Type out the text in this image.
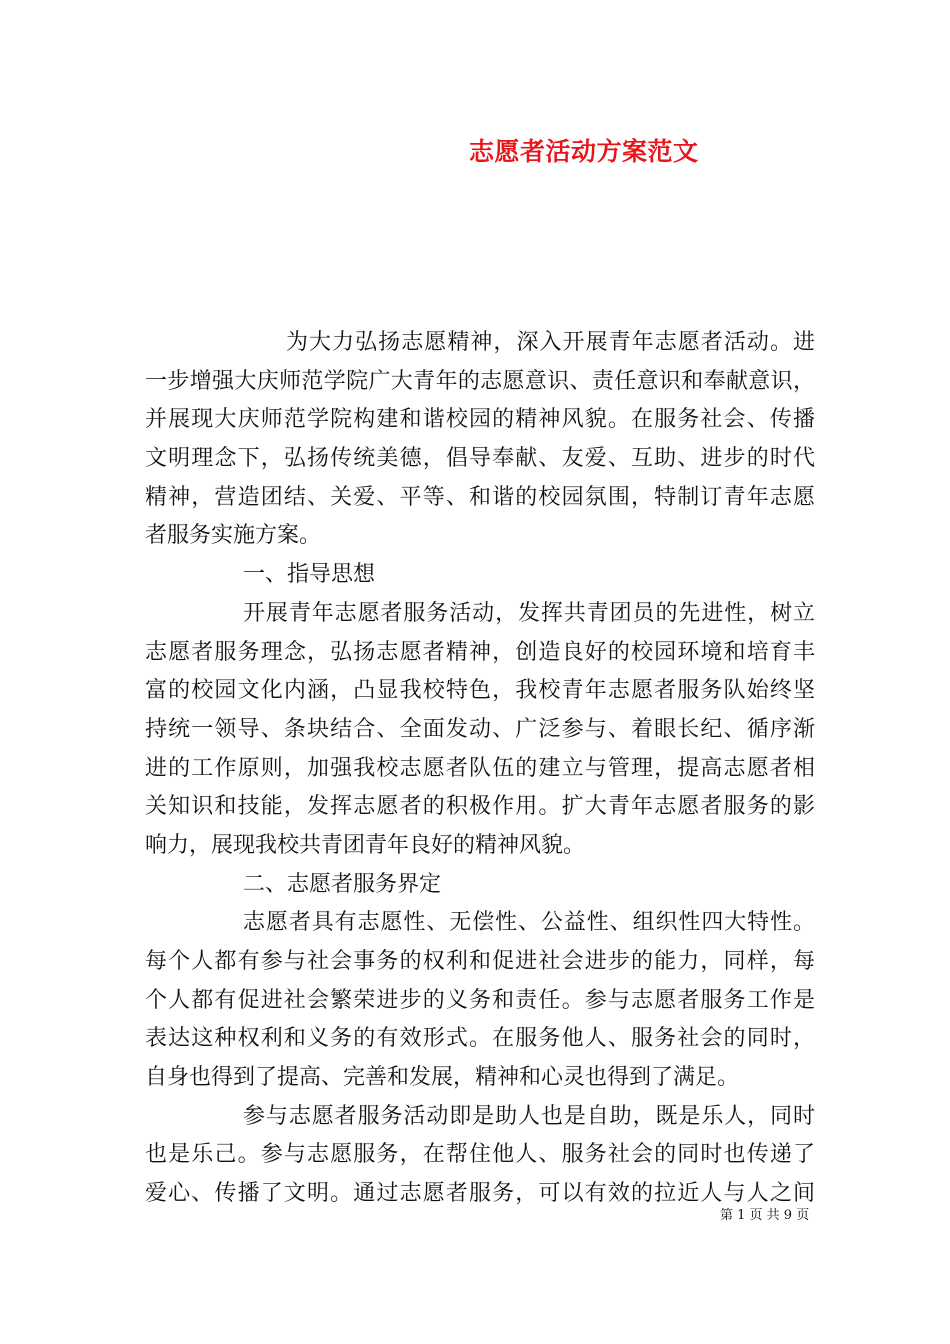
志愿者活动方案范文
为大力弘扬志愿精神，深入开展青年志愿者活动。进
一步增强大庆师范学院广大青年的志愿意识、责任意识和奉献意识，
并展现大庆师范学院构建和谐校园的精神风貌。在服务社会、传播
文明理念下，弘扬传统美德，倡导奉献、友爱、互助、进步的时代
精神，营造团结、关爱、平等、和谐的校园氛围，特制订青年志愿
者服务实施方案。
一、指导思想
开展青年志愿者服务活动，发挥共青团员的先进性，树立
志愿者服务理念，弘扬志愿者精神，创造良好的校园环境和培育丰
富的校园文化内涵，凸显我校特色，我校青年志愿者服务队始终坚
持统一领导、条块结合、全面发动、广泛参与、着眼长纪、循序渐
进的工作原则，加强我校志愿者队伍的建立与管理，提高志愿者相
关知识和技能，发挥志愿者的积极作用。扩大青年志愿者服务的影
响力，展现我校共青团青年良好的精神风貌。
二、志愿者服务界定
志愿者具有志愿性、无偿性、公益性、组织性四大特性。
每个人都有参与社会事务的权利和促进社会进步的能力，同样，每
个人都有促进社会繁荣进步的义务和责任。参与志愿者服务工作是
表达这种权利和义务的有效形式。在服务他人、服务社会的同时，
自身也得到了提高、完善和发展，精神和心灵也得到了满足。
参与志愿者服务活动即是助人也是自助，既是乐人，同时
也是乐己。参与志愿服务，在帮住他人、服务社会的同时也传递了
爱心、传播了文明。通过志愿者服务，可以有效的拉近人与人之间
第 1 页 共 9 页
